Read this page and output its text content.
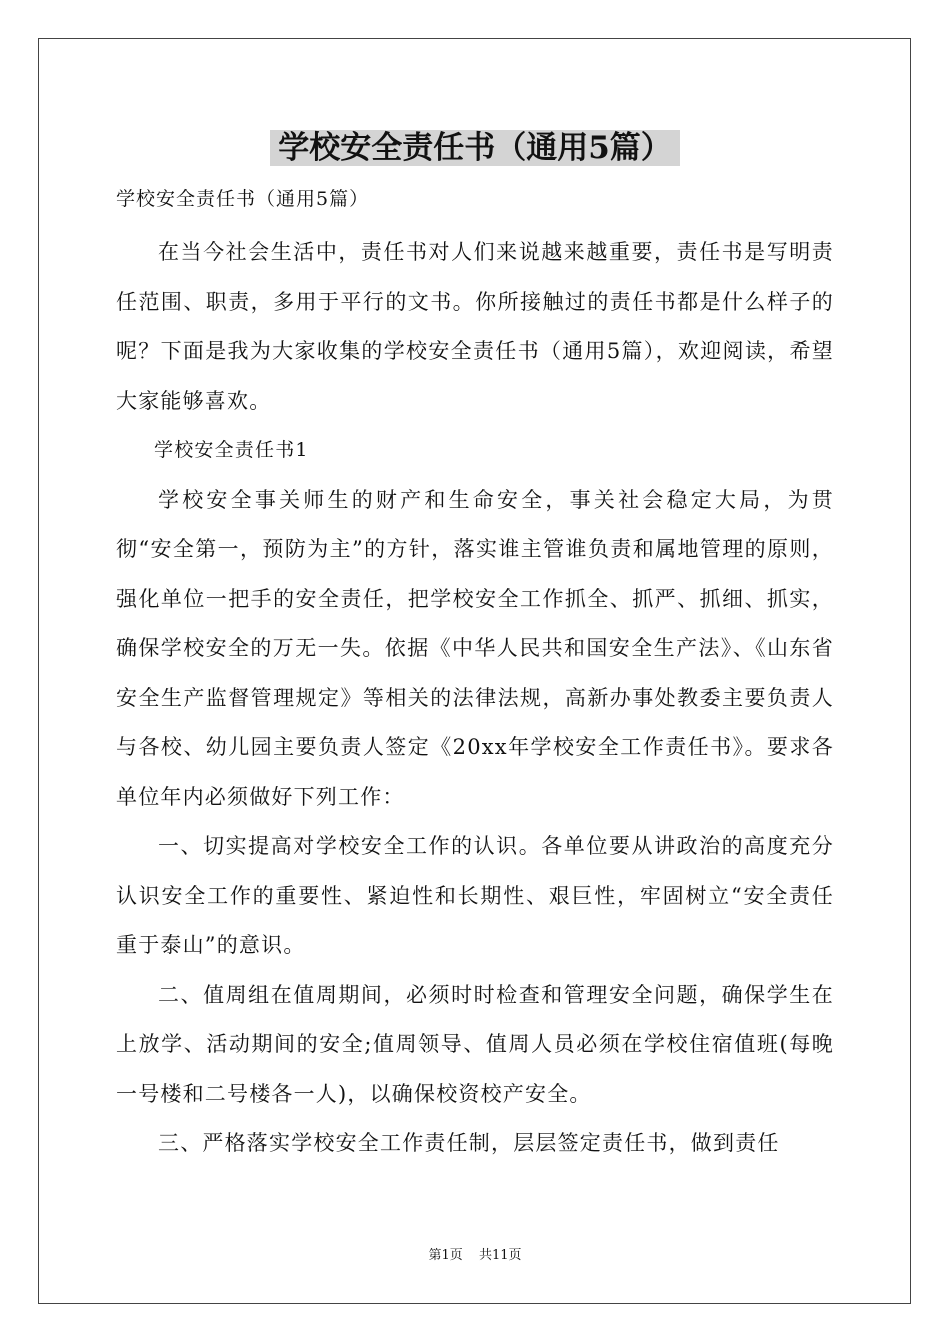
学校安全责任书（通用5篇）

学校安全责任书（通用5篇）

在当今社会生活中，责任书对人们来说越来越重要，责任书是写明责任范围、职责，多用于平行的文书。你所接触过的责任书都是什么样子的呢？下面是我为大家收集的学校安全责任书（通用5篇），欢迎阅读，希望大家能够喜欢。

学校安全责任书1

学校安全事关师生的财产和生命安全，事关社会稳定大局，为贯彻“安全第一，预防为主”的方针，落实谁主管谁负责和属地管理的原则，强化单位一把手的安全责任，把学校安全工作抓全、抓严、抓细、抓实，确保学校安全的万无一失。依据《中华人民共和国安全生产法》、《山东省安全生产监督管理规定》等相关的法律法规，高新办事处教委主要负责人与各校、幼儿园主要负责人签定《20xx年学校安全工作责任书》。要求各单位年内必须做好下列工作：

一、切实提高对学校安全工作的认识。各单位要从讲政治的高度充分认识安全工作的重要性、紧迫性和长期性、艰巨性，牢固树立“安全责任重于泰山”的意识。

二、值周组在值周期间，必须时时检查和管理安全问题，确保学生在上放学、活动期间的安全;值周领导、值周人员必须在学校住宿值班(每晚一号楼和二号楼各一人)，以确保校资校产安全。

三、严格落实学校安全工作责任制，层层签定责任书，做到责任

第1页 共11页
